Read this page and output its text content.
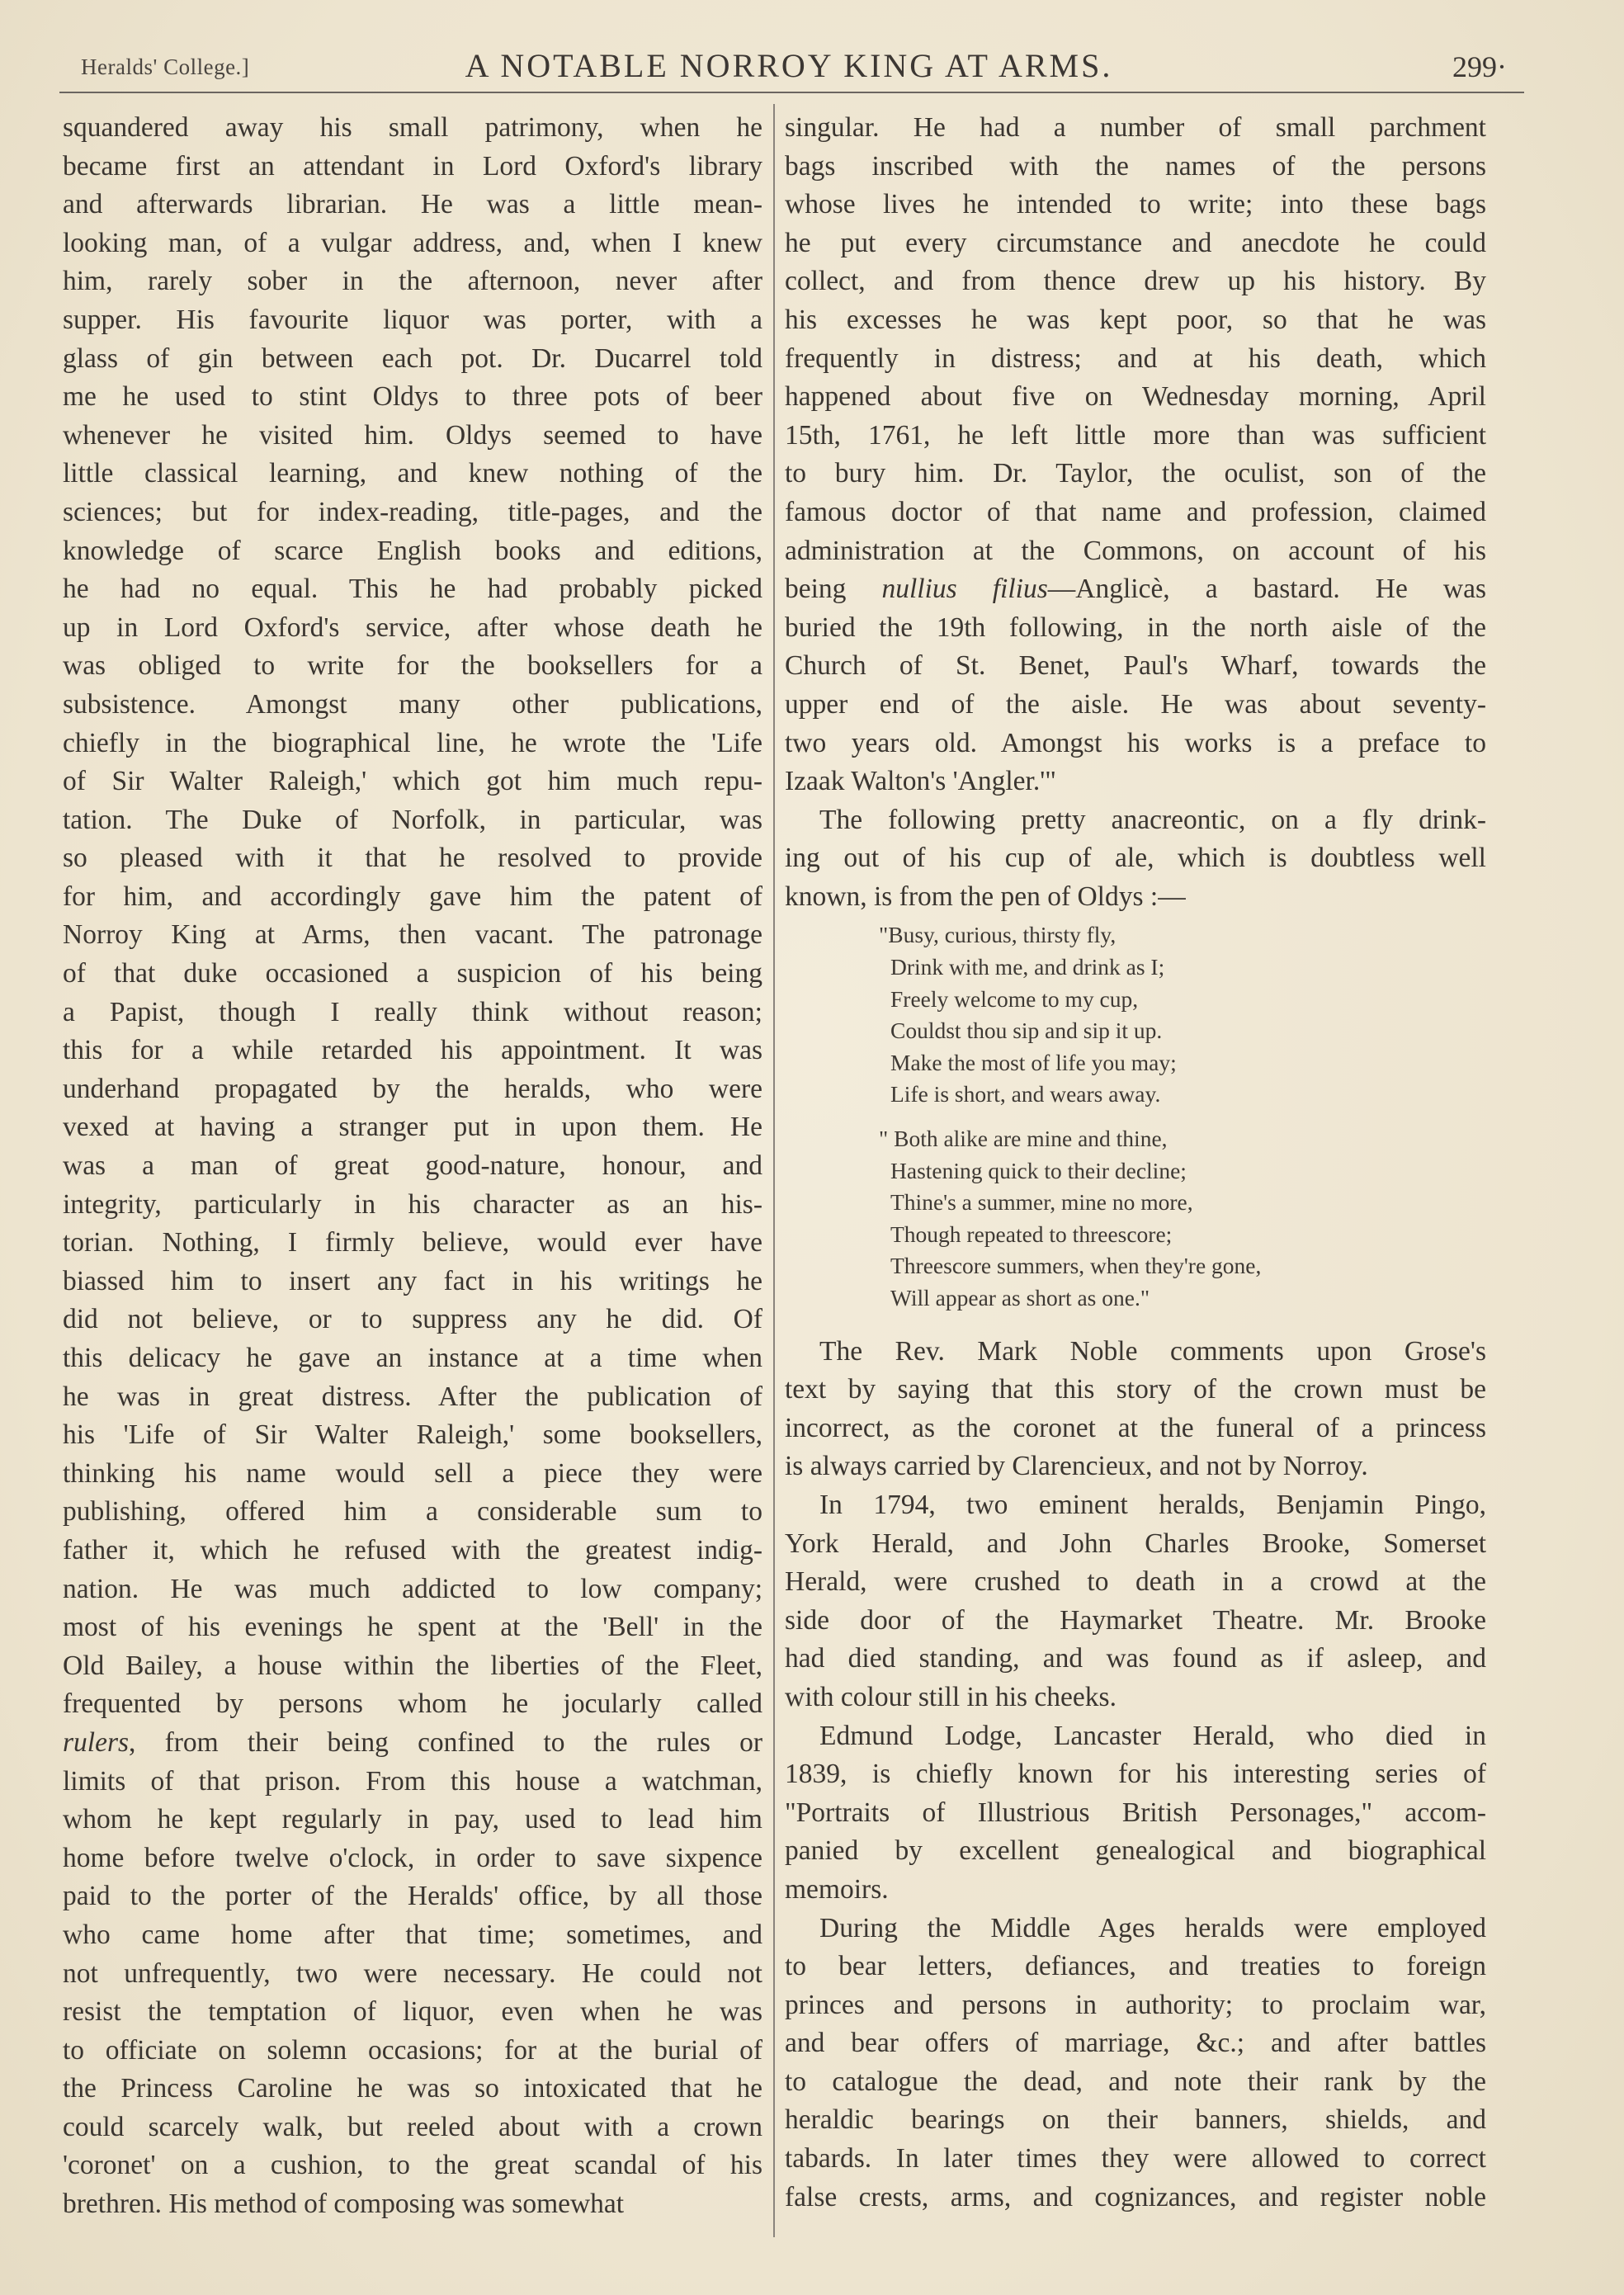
Heralds' College.]	A NOTABLE NORROY KING AT ARMS.	299·
squandered away his small patrimony, when he
became first an attendant in Lord Oxford's library
and afterwards librarian. He was a little mean-
looking man, of a vulgar address, and, when I knew
him, rarely sober in the afternoon, never after
supper. His favourite liquor was porter, with a
glass of gin between each pot. Dr. Ducarrel told
me he used to stint Oldys to three pots of beer
whenever he visited him. Oldys seemed to have
little classical learning, and knew nothing of the
sciences; but for index-reading, title-pages, and the
knowledge of scarce English books and editions,
he had no equal. This he had probably picked
up in Lord Oxford's service, after whose death he
was obliged to write for the booksellers for a
subsistence. Amongst many other publications,
chiefly in the biographical line, he wrote the 'Life
of Sir Walter Raleigh,' which got him much repu-
tation. The Duke of Norfolk, in particular, was
so pleased with it that he resolved to provide
for him, and accordingly gave him the patent of
Norroy King at Arms, then vacant. The patronage
of that duke occasioned a suspicion of his being
a Papist, though I really think without reason;
this for a while retarded his appointment. It was
underhand propagated by the heralds, who were
vexed at having a stranger put in upon them. He
was a man of great good-nature, honour, and
integrity, particularly in his character as an his-
torian. Nothing, I firmly believe, would ever have
biassed him to insert any fact in his writings he
did not believe, or to suppress any he did. Of
this delicacy he gave an instance at a time when
he was in great distress. After the publication of
his 'Life of Sir Walter Raleigh,' some booksellers,
thinking his name would sell a piece they were
publishing, offered him a considerable sum to
father it, which he refused with the greatest indig-
nation. He was much addicted to low company;
most of his evenings he spent at the 'Bell' in the
Old Bailey, a house within the liberties of the Fleet,
frequented by persons whom he jocularly called
rulers, from their being confined to the rules or
limits of that prison. From this house a watchman,
whom he kept regularly in pay, used to lead him
home before twelve o'clock, in order to save sixpence
paid to the porter of the Heralds' office, by all those
who came home after that time; sometimes, and
not unfrequently, two were necessary. He could not
resist the temptation of liquor, even when he was
to officiate on solemn occasions; for at the burial of
the Princess Caroline he was so intoxicated that he
could scarcely walk, but reeled about with a crown
'coronet' on a cushion, to the great scandal of his
brethren. His method of composing was somewhat
singular. He had a number of small parchment
bags inscribed with the names of the persons
whose lives he intended to write; into these bags
he put every circumstance and anecdote he could
collect, and from thence drew up his history. By
his excesses he was kept poor, so that he was
frequently in distress; and at his death, which
happened about five on Wednesday morning, April
15th, 1761, he left little more than was sufficient
to bury him. Dr. Taylor, the oculist, son of the
famous doctor of that name and profession, claimed
administration at the Commons, on account of his
being nullius filius—Anglicè, a bastard. He was
buried the 19th following, in the north aisle of the
Church of St. Benet, Paul's Wharf, towards the
upper end of the aisle. He was about seventy-
two years old. Amongst his works is a preface to
Izaak Walton's 'Angler.'"
The following pretty anacreontic, on a fly drink-
ing out of his cup of ale, which is doubtless well
known, is from the pen of Oldys :—
"Busy, curious, thirsty fly,
Drink with me, and drink as I;
Freely welcome to my cup,
Couldst thou sip and sip it up.
Make the most of life you may;
Life is short, and wears away.
" Both alike are mine and thine,
Hastening quick to their decline;
Thine's a summer, mine no more,
Though repeated to threescore;
Threescore summers, when they're gone,
Will appear as short as one."
The Rev. Mark Noble comments upon Grose's
text by saying that this story of the crown must be
incorrect, as the coronet at the funeral of a princess
is always carried by Clarencieux, and not by Norroy.
In 1794, two eminent heralds, Benjamin Pingo,
York Herald, and John Charles Brooke, Somerset
Herald, were crushed to death in a crowd at the
side door of the Haymarket Theatre. Mr. Brooke
had died standing, and was found as if asleep, and
with colour still in his cheeks.
Edmund Lodge, Lancaster Herald, who died in
1839, is chiefly known for his interesting series of
"Portraits of Illustrious British Personages," accom-
panied by excellent genealogical and biographical
memoirs.
During the Middle Ages heralds were employed
to bear letters, defiances, and treaties to foreign
princes and persons in authority; to proclaim war,
and bear offers of marriage, &c.; and after battles
to catalogue the dead, and note their rank by the
heraldic bearings on their banners, shields, and
tabards. In later times they were allowed to correct
false crests, arms, and cognizances, and register noble
